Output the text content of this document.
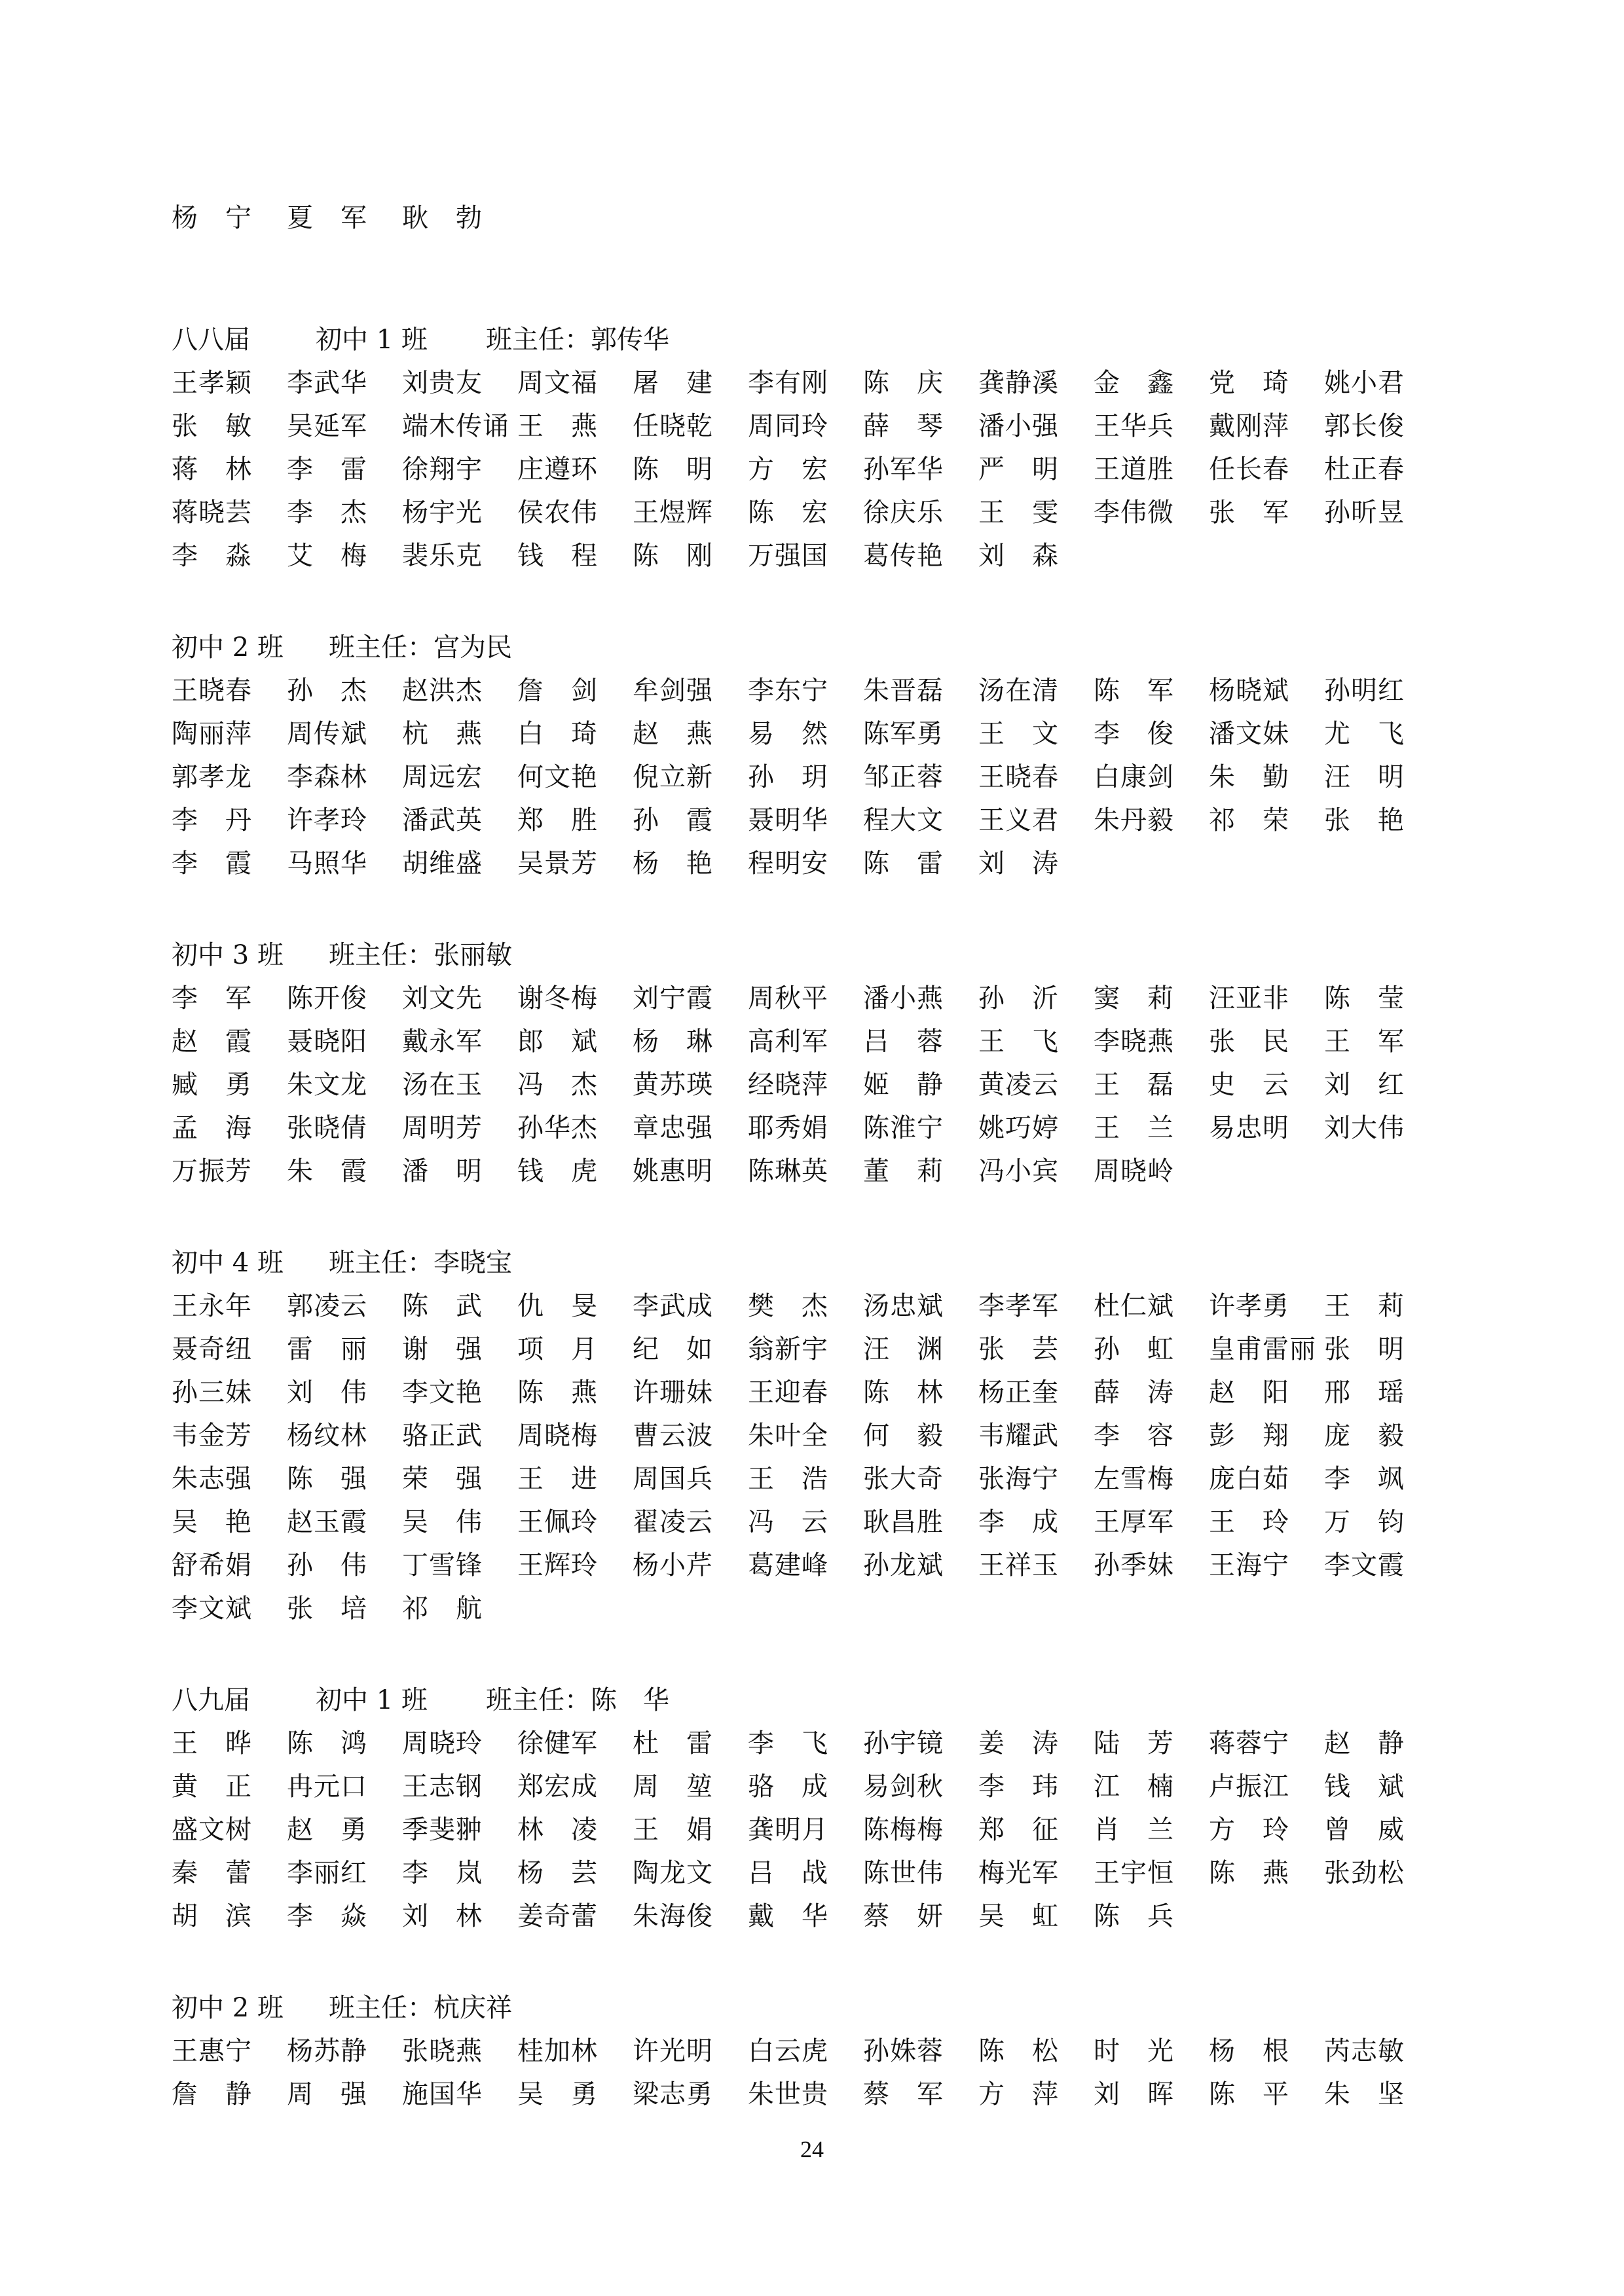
杨　宁 夏　军 耿　勃
八八届	初中 1 班 班主任：郭传华
王孝颖 李武华 刘贵友 周文福 屠　建 李有刚 陈　庆 龚静溪 金　鑫 党　琦 姚小君
张　敏 吴延军 端木传诵 王　燕 任晓乾 周同玲 薛　琴 潘小强 王华兵 戴刚萍 郭长俊
蒋　林 李　雷 徐翔宇 庄遵环 陈　明 方　宏 孙军华 严　明 王道胜 任长春 杜正春
蒋晓芸 李　杰 杨宇光 侯农伟 王煜辉 陈　宏 徐庆乐 王　雯 李伟微 张　军 孙昕昱
李　淼 艾　梅 裴乐克 钱　程 陈　刚 万强国 葛传艳 刘　森
初中 2 班 班主任：宫为民
王晓春 孙　杰 赵洪杰 詹　剑 牟剑强 李东宁 朱晋磊 汤在清 陈　军 杨晓斌 孙明红
陶丽萍 周传斌 杭　燕 白　琦 赵　燕 易　然 陈军勇 王　文 李　俊 潘文妹 尤　飞
郭孝龙 李森林 周远宏 何文艳 倪立新 孙　玥 邹正蓉 王晓春 白康剑 朱　勤 汪　明
李　丹 许孝玲 潘武英 郑　胜 孙　霞 聂明华 程大文 王义君 朱丹毅 祁　荣 张　艳
李　霞 马照华 胡维盛 吴景芳 杨　艳 程明安 陈　雷 刘　涛
初中 3 班 班主任：张丽敏
李　军 陈开俊 刘文先 谢冬梅 刘宁霞 周秋平 潘小燕 孙　沂 窦　莉 汪亚非 陈　莹
赵　霞 聂晓阳 戴永军 郎　斌 杨　琳 高利军 吕　蓉 王　飞 李晓燕 张　民 王　军
臧　勇 朱文龙 汤在玉 冯　杰 黄苏瑛 经晓萍 姬　静 黄凌云 王　磊 史　云 刘　红
孟　海 张晓倩 周明芳 孙华杰 章忠强 耶秀娟 陈淮宁 姚巧婷 王　兰 易忠明 刘大伟
万振芳 朱　霞 潘　明 钱　虎 姚惠明 陈琳英 董　莉 冯小宾 周晓岭
初中 4 班 班主任：李晓宝
王永年 郭凌云 陈　武 仇　旻 李武成 樊　杰 汤忠斌 李孝军 杜仁斌 许孝勇 王　莉
聂奇纽 雷　丽 谢　强 项　月 纪　如 翁新宇 汪　渊 张　芸 孙　虹 皇甫雷丽 张　明
孙三妹 刘　伟 李文艳 陈　燕 许珊妹 王迎春 陈　林 杨正奎 薛　涛 赵　阳 邢　瑶
韦金芳 杨纹林 骆正武 周晓梅 曹云波 朱叶全 何　毅 韦耀武 李　容 彭　翔 庞　毅
朱志强 陈　强 荣　强 王　进 周国兵 王　浩 张大奇 张海宁 左雪梅 庞白茹 李　飒
吴　艳 赵玉霞 吴　伟 王佩玲 翟凌云 冯　云 耿昌胜 李　成 王厚军 王　玲 万　钧
舒希娟 孙　伟 丁雪锋 王辉玲 杨小芹 葛建峰 孙龙斌 王祥玉 孙季妹 王海宁 李文霞
李文斌 张　培 祁　航
八九届	初中 1 班 班主任：陈　华
王　晔 陈　鸿 周晓玲 徐健军 杜　雷 李　飞 孙宇镜 姜　涛 陆　芳 蒋蓉宁 赵　静
黄　正 冉元口 王志钢 郑宏成 周　堃 骆　成 易剑秋 李　玮 江　楠 卢振江 钱　斌
盛文树 赵　勇 季斐翀 林　凌 王　娟 龚明月 陈梅梅 郑　征 肖　兰 方　玲 曾　威
秦　蕾 李丽红 李　岚 杨　芸 陶龙文 吕　战 陈世伟 梅光军 王宇恒 陈　燕 张劲松
胡　滨 李　焱 刘　林 姜奇蕾 朱海俊 戴　华 蔡　妍 吴　虹 陈　兵
初中 2 班 班主任：杭庆祥
王惠宁 杨苏静 张晓燕 桂加林 许光明 白云虎 孙姝蓉 陈　松 时　光 杨　根 芮志敏
詹　静 周　强 施国华 吴　勇 梁志勇 朱世贵 蔡　军 方　萍 刘　晖 陈　平 朱　坚
24
